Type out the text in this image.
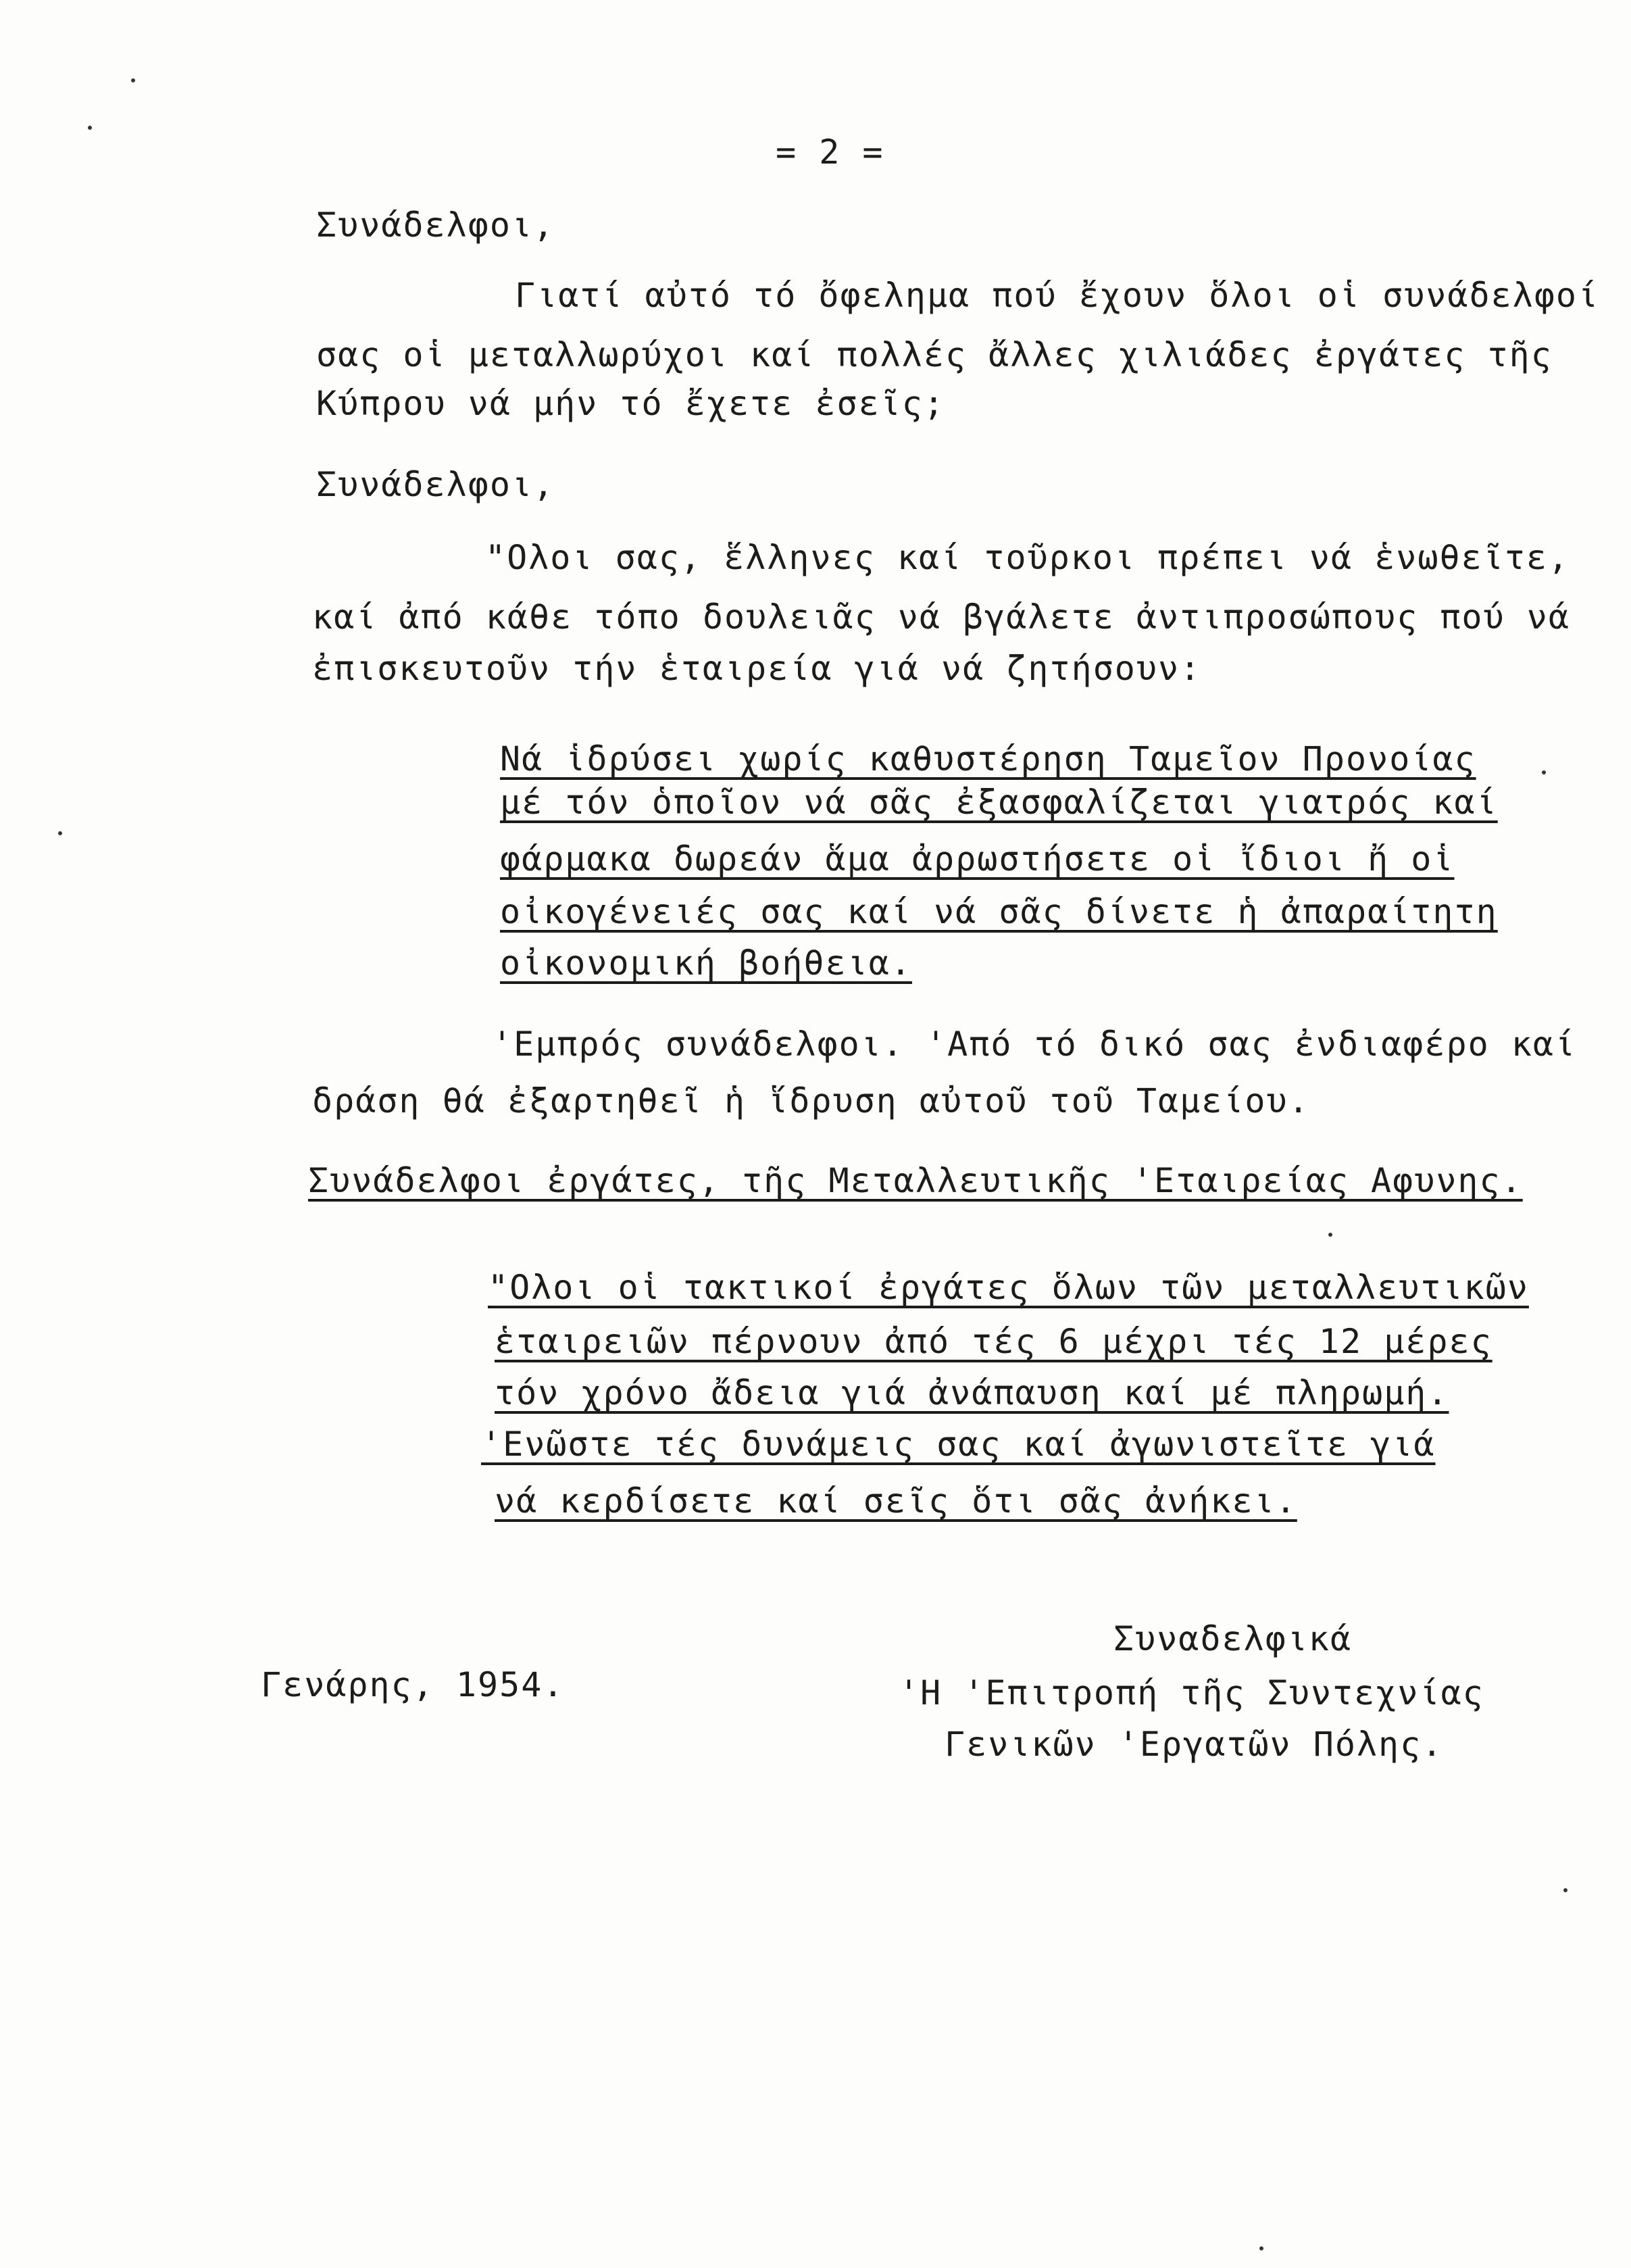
= 2 =
Συνάδελφοι,
Γιατί αὐτό τό ὄφελημα πού ἔχουν ὅλοι οἱ συνάδελφοί
σας οἱ μεταλλωρύχοι καί πολλές ἄλλες χιλιάδες ἐργάτες τῆς
Κύπρου νά μήν τό ἔχετε ἐσεῖς;
Συνάδελφοι,
"Ολοι σας, ἕλληνες καί τοῦρκοι πρέπει νά ἑνωθεῖτε,
καί ἀπό κάθε τόπο δουλειᾶς νά βγάλετε ἀντιπροσώπους πού νά
ἐπισκευτοῦν τήν ἑταιρεία γιά νά ζητήσουν:
Νά ἱδρύσει χωρίς καθυστέρηση Ταμεῖον Προνοίας
μέ τόν ὁποῖον νά σᾶς ἐξασφαλίζεται γιατρός καί
φάρμακα δωρεάν ἅμα ἀρρωστήσετε οἱ ἴδιοι ἤ οἱ
οἰκογένειές σας καί νά σᾶς δίνετε ἡ ἀπαραίτητη
οἰκονομική βοήθεια.
'Εμπρός συνάδελφοι. 'Από τό δικό σας ἐνδιαφέρο καί
δράση θά ἐξαρτηθεῖ ἡ ἵδρυση αὐτοῦ τοῦ Ταμείου.
Συνάδελφοι ἐργάτες, τῆς Μεταλλευτικῆς 'Εταιρείας Αφυνης.
"Ολοι οἱ τακτικοί ἐργάτες ὅλων τῶν μεταλλευτικῶν
ἑταιρειῶν πέρνουν ἀπό τές 6 μέχρι τές 12 μέρες
τόν χρόνο ἄδεια γιά ἀνάπαυση καί μέ πληρωμή.
'Ενῶστε τές δυνάμεις σας καί ἀγωνιστεῖτε γιά
νά κερδίσετε καί σεῖς ὅτι σᾶς ἀνήκει.
Γενάρης, 1954.
Συναδελφικά
'Η 'Επιτροπή τῆς Συντεχνίας
Γενικῶν 'Εργατῶν Πόλης.
